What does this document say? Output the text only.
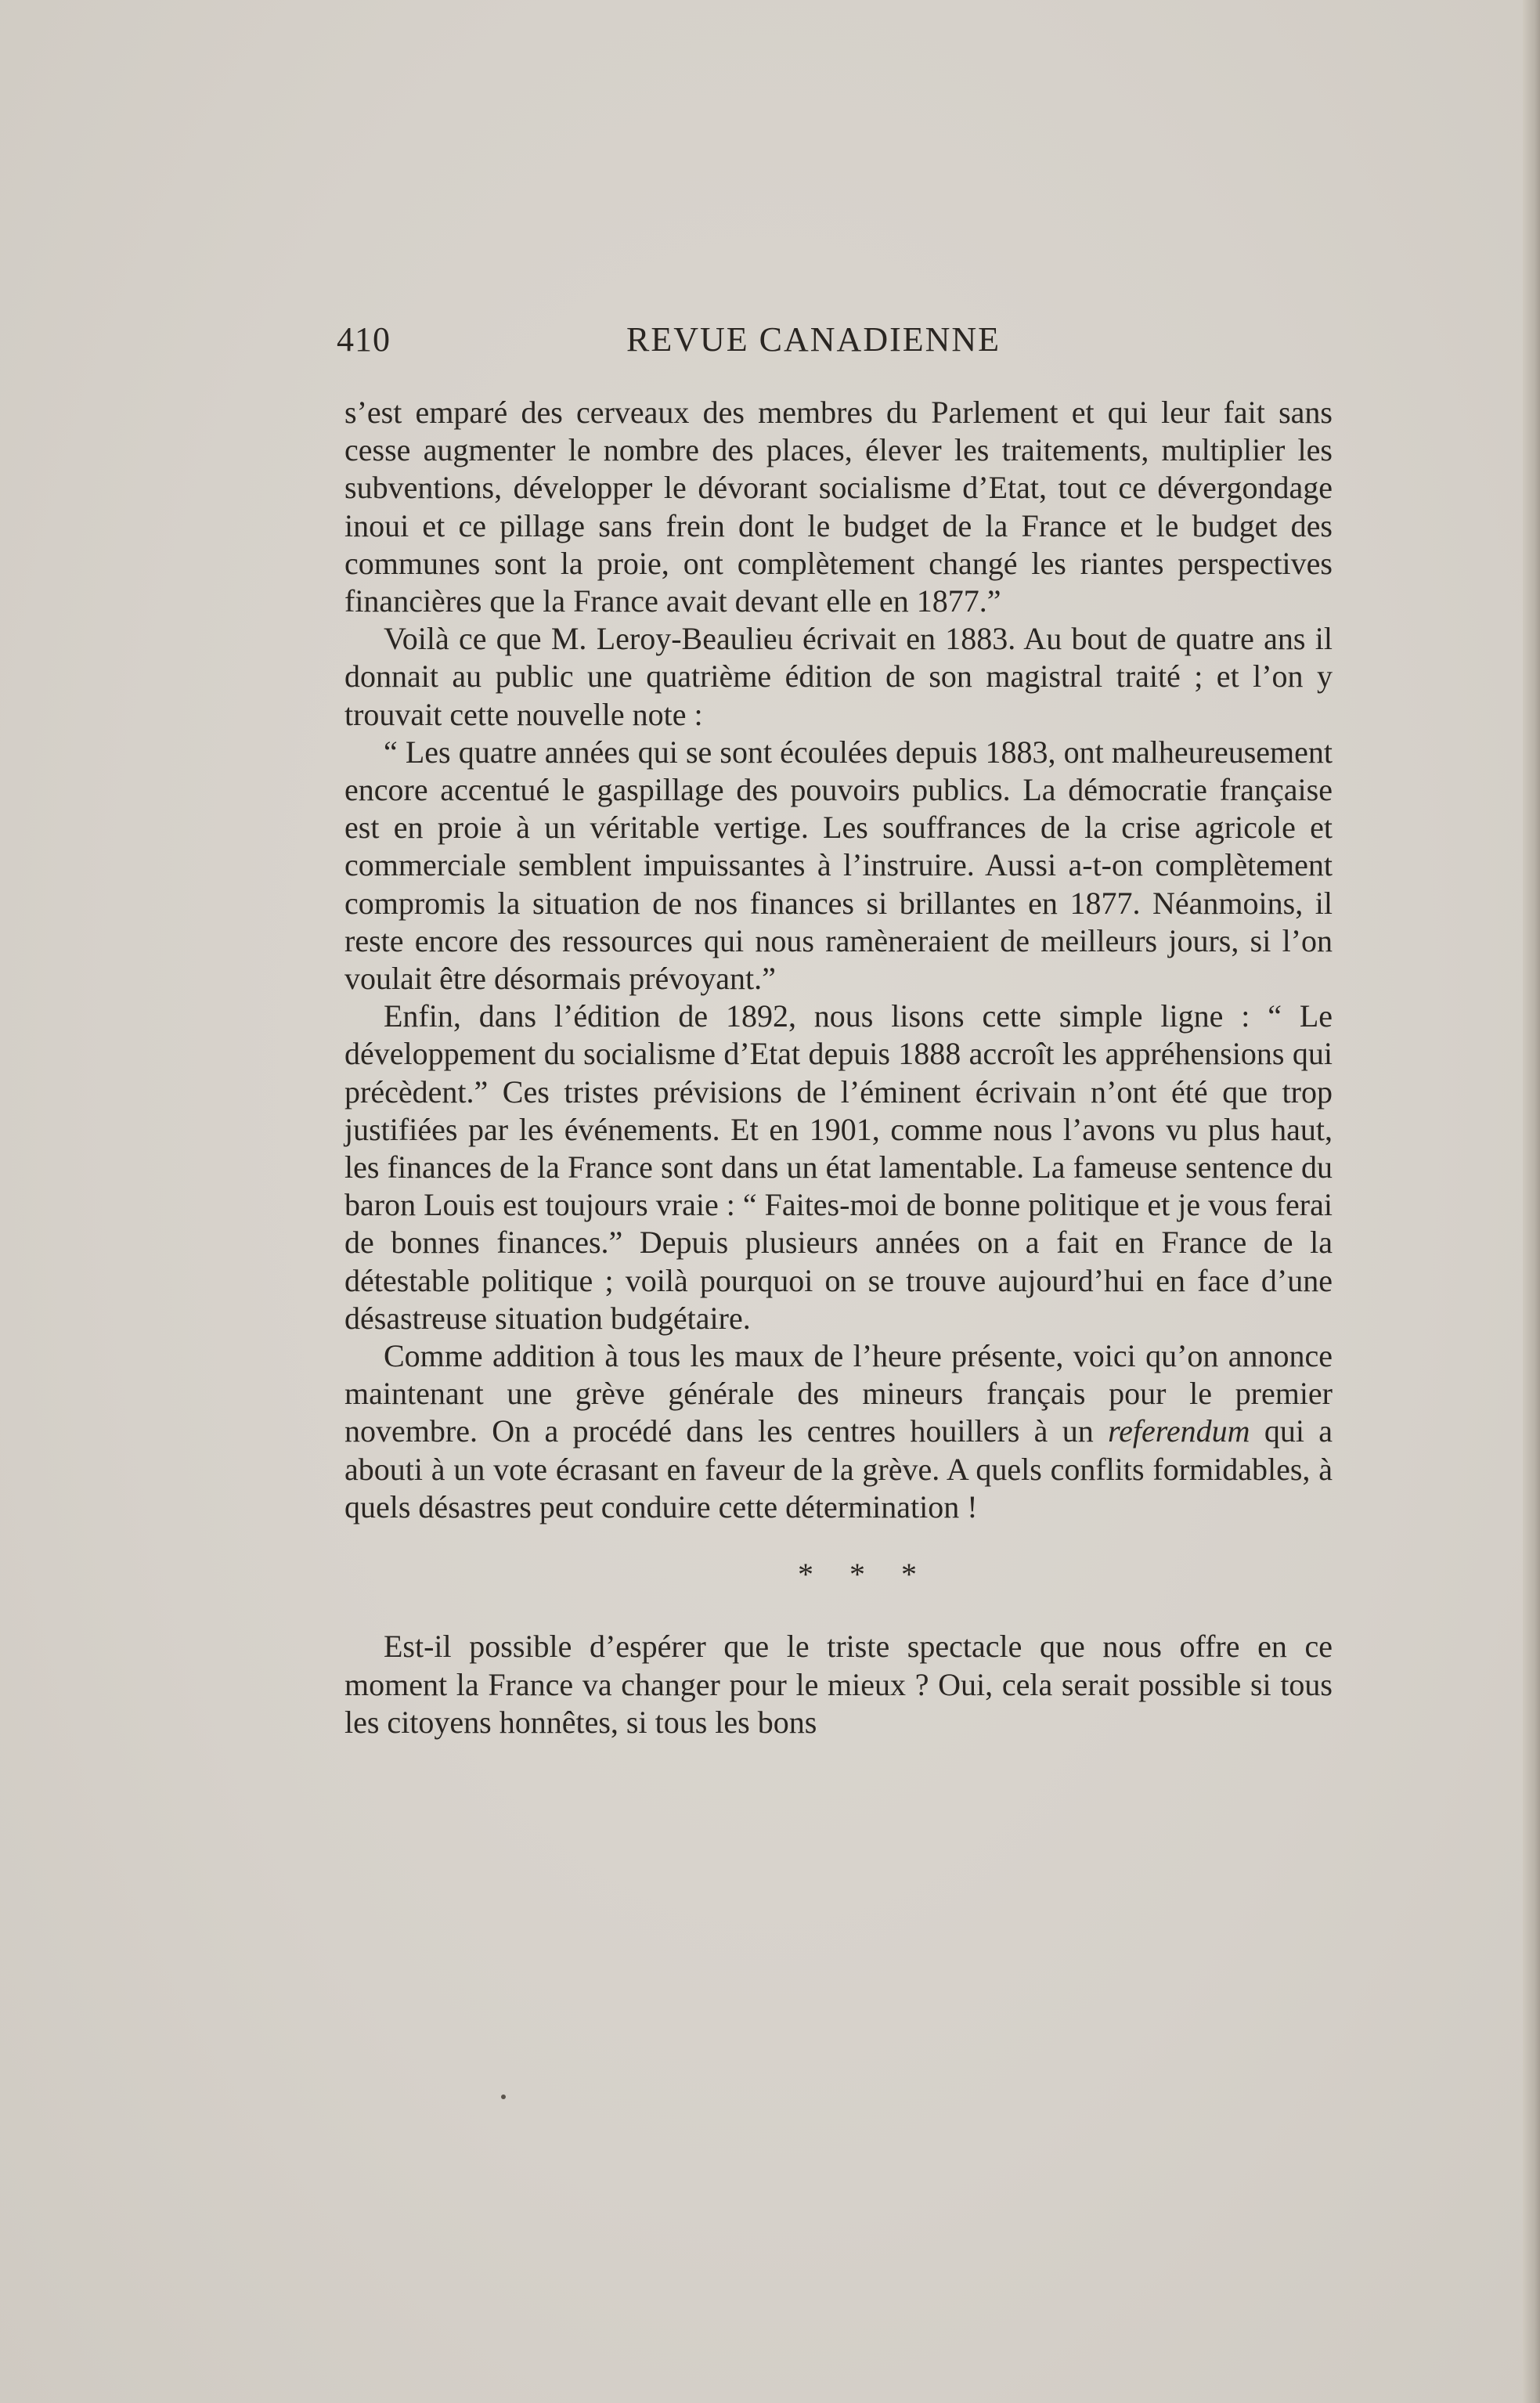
410	REVUE CANADIENNE

s’est emparé des cerveaux des membres du Parlement et qui leur fait sans cesse augmenter le nombre des places, élever les traitements, multiplier les subventions, développer le dévorant socialisme d’Etat, tout ce dévergondage inoui et ce pillage sans frein dont le budget de la France et le budget des communes sont la proie, ont complètement changé les riantes perspectives financières que la France avait devant elle en 1877.”

Voilà ce que M. Leroy-Beaulieu écrivait en 1883. Au bout de quatre ans il donnait au public une quatrième édition de son magistral traité ; et l’on y trouvait cette nouvelle note :

“ Les quatre années qui se sont écoulées depuis 1883, ont malheureusement encore accentué le gaspillage des pouvoirs publics. La démocratie française est en proie à un véritable vertige. Les souffrances de la crise agricole et commerciale semblent impuissantes à l’instruire. Aussi a-t-on complètement compromis la situation de nos finances si brillantes en 1877. Néanmoins, il reste encore des ressources qui nous ramèneraient de meilleurs jours, si l’on voulait être désormais prévoyant.”

Enfin, dans l’édition de 1892, nous lisons cette simple ligne : “ Le développement du socialisme d’Etat depuis 1888 accroît les appréhensions qui précèdent.” Ces tristes prévisions de l’éminent écrivain n’ont été que trop justifiées par les événements. Et en 1901, comme nous l’avons vu plus haut, les finances de la France sont dans un état lamentable. La fameuse sentence du baron Louis est toujours vraie : “ Faites-moi de bonne politique et je vous ferai de bonnes finances.” Depuis plusieurs années on a fait en France de la détestable politique ; voilà pourquoi on se trouve aujourd’hui en face d’une désastreuse situation budgétaire.

Comme addition à tous les maux de l’heure présente, voici qu’on annonce maintenant une grève générale des mineurs français pour le premier novembre. On a procédé dans les centres houillers à un referendum qui a abouti à un vote écrasant en faveur de la grève. A quels conflits formidables, à quels désastres peut conduire cette détermination !

* * *

Est-il possible d’espérer que le triste spectacle que nous offre en ce moment la France va changer pour le mieux ? Oui, cela serait possible si tous les citoyens honnêtes, si tous les bons
